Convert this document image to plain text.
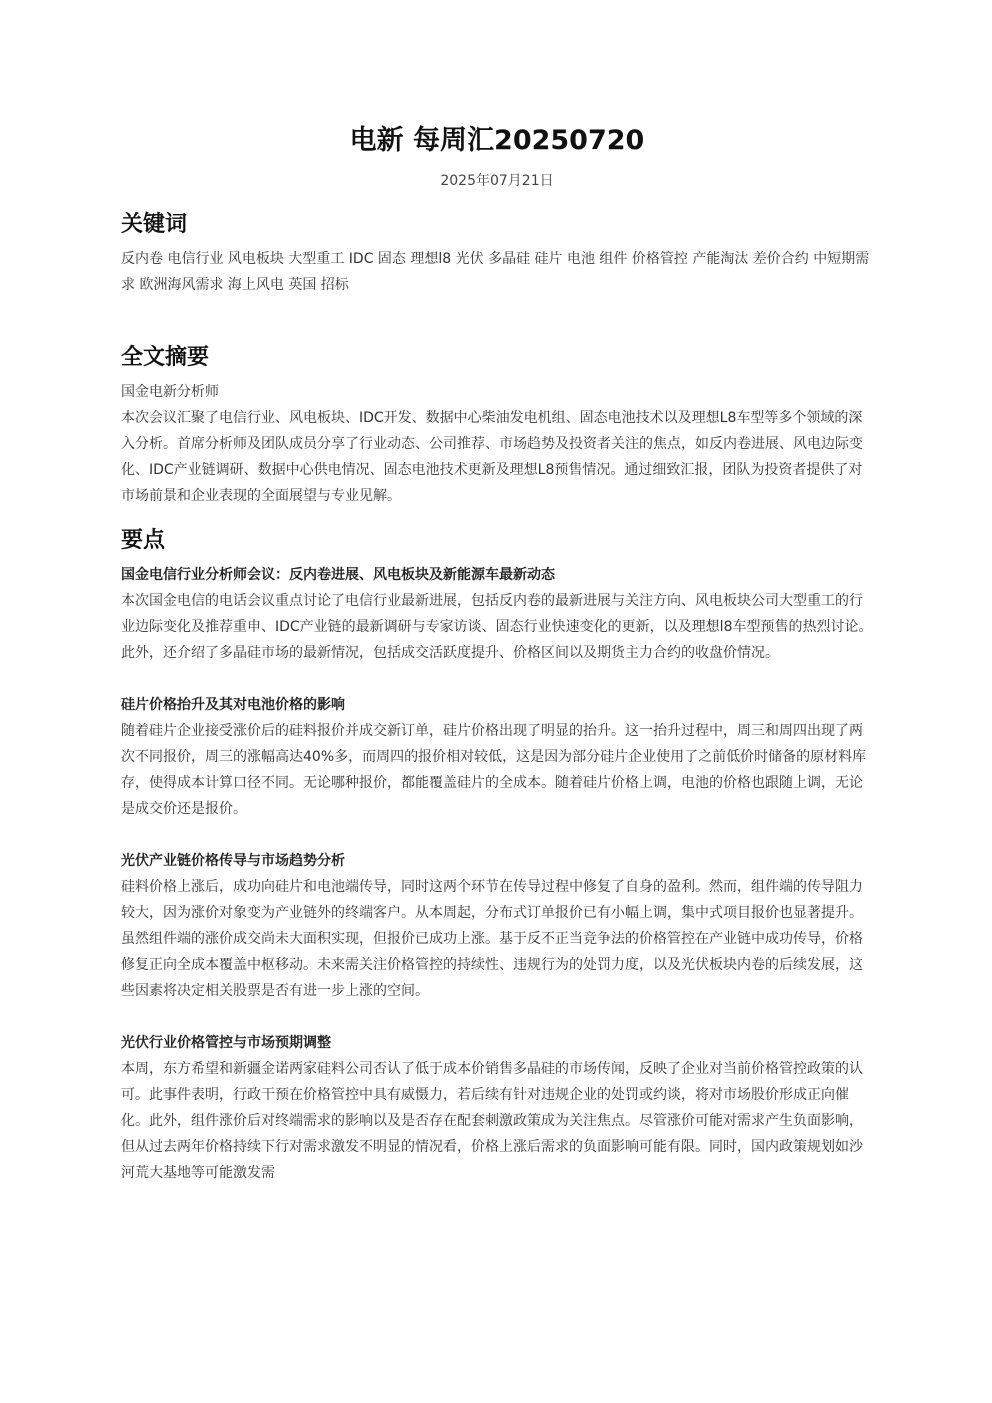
电新 每周汇20250720
2025年07月21日
关键词

反内卷 电信行业 风电板块 大型重工 IDC 固态 理想l8 光伏 多晶硅 硅片 电池 组件 价格管控 产能淘汰 差价合约 中短期需求 欧洲海风需求 海上风电 英国 招标

全文摘要

国金电新分析师

本次会议汇聚了电信行业、风电板块、IDC开发、数据中心柴油发电机组、固态电池技术以及理想L8车型等多个领域的深入分析。首席分析师及团队成员分享了行业动态、公司推荐、市场趋势及投资者关注的焦点，如反内卷进展、风电边际变化、IDC产业链调研、数据中心供电情况、固态电池技术更新及理想L8预售情况。通过细致汇报，团队为投资者提供了对市场前景和企业表现的全面展望与专业见解。

要点

国金电信行业分析师会议：反内卷进展、风电板块及新能源车最新动态

本次国金电信的电话会议重点讨论了电信行业最新进展，包括反内卷的最新进展与关注方向、风电板块公司大型重工的行业边际变化及推荐重申、IDC产业链的最新调研与专家访谈、固态行业快速变化的更新，以及理想l8车型预售的热烈讨论。此外，还介绍了多晶硅市场的最新情况，包括成交活跃度提升、价格区间以及期货主力合约的收盘价情况。

硅片价格抬升及其对电池价格的影响

随着硅片企业接受涨价后的硅料报价并成交新订单，硅片价格出现了明显的抬升。这一抬升过程中，周三和周四出现了两次不同报价，周三的涨幅高达40%多，而周四的报价相对较低，这是因为部分硅片企业使用了之前低价时储备的原材料库存，使得成本计算口径不同。无论哪种报价，都能覆盖硅片的全成本。随着硅片价格上调，电池的价格也跟随上调，无论是成交价还是报价。

光伏产业链价格传导与市场趋势分析

硅料价格上涨后，成功向硅片和电池端传导，同时这两个环节在传导过程中修复了自身的盈利。然而，组件端的传导阻力较大，因为涨价对象变为产业链外的终端客户。从本周起，分布式订单报价已有小幅上调，集中式项目报价也显著提升。虽然组件端的涨价成交尚未大面积实现，但报价已成功上涨。基于反不正当竞争法的价格管控在产业链中成功传导，价格修复正向全成本覆盖中枢移动。未来需关注价格管控的持续性、违规行为的处罚力度，以及光伏板块内卷的后续发展，这些因素将决定相关股票是否有进一步上涨的空间。

光伏行业价格管控与市场预期调整

本周，东方希望和新疆金诺两家硅料公司否认了低于成本价销售多晶硅的市场传闻，反映了企业对当前价格管控政策的认可。此事件表明，行政干预在价格管控中具有威慑力，若后续有针对违规企业的处罚或约谈，将对市场股价形成正向催化。此外，组件涨价后对终端需求的影响以及是否存在配套刺激政策成为关注焦点。尽管涨价可能对需求产生负面影响，但从过去两年价格持续下行对需求激发不明显的情况看，价格上涨后需求的负面影响可能有限。同时，国内政策规划如沙河荒大基地等可能激发需
